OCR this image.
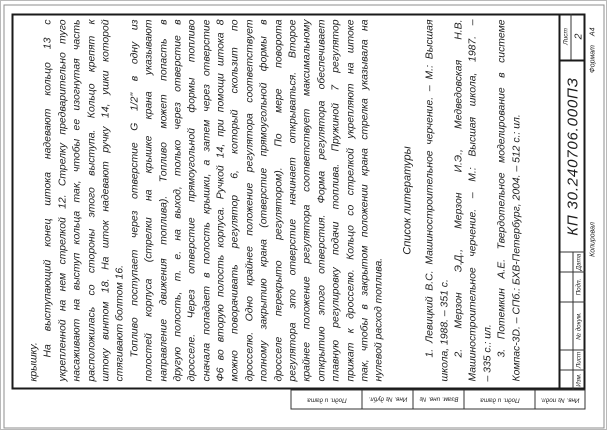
крышку.
На выступающий конец штока надевают кольцо 13 с укрепленной на нем стрелкой 12. Стрелку предварительно туго насаживают на выступ кольца так, чтобы ее изогнутая часть расположилась со стороны этого выступа. Кольцо крепят к штоку винтом 18. На шток надевают ручку 14, ушки которой стягивают болтом 16. Топливо поступает через отверстие G 1/2" в одну из полостей корпуса (стрелки на крышке крана указывают направление движения топлива). Топливо может попасть в другую полость, т. е. на выход, только через отверстие в дросселе. Через отверстие прямоугольной формы топливо сначала попадает в полость крышки, а затем через отверстие Ф6 во вторую полость корпуса. Ручкой 14, при помощи штока 8 можно поворачивать регулятор 6, который скользит по дросселю. Одно крайнее положение регулятора соответствует полному закрытию крана (отверстие прямоугольной формы в дросселе перекрыто регулятором). По мере поворота регулятора это отверстие начинает открываться. Второе крайнее положение регулятора соответствует максимальному открытию этого отверстия. Форма регулятора обеспечивает плавную регулировку подачи топлива. Пружиной 7 регулятор прижат к дросселю. Кольцо со стрелкой укрепляют на штоке так, чтобы в закрытом положении крана стрелка указывала на нулевой расход топлива.
Список литературы 1. Левицкий В.С. Машиностроительное черчение. – М.: Высшая школа, 1988. – 351 с. 2. Мерзон Э.Д., Мерзон И.Э., Медведовская Н.В. Машиностроительное черчение. – М.: Высшая школа, 1987. – – 335 с.: ил. 3. Потемкин А.Е. Твердотельное моделирование в системе Компас-3D. – СПб.: БХВ-Петербург, 2004. – 512 с.: ил.	Изм.
Лист
№ докум.
Подп.
Дата
КП 30.240706.000ПЗ
Лист 2
Подп. и дата	Инв. № дубл. Взам. инв. №	Подп. и дата	Инв. № подл.
Копировал
Формат А4
